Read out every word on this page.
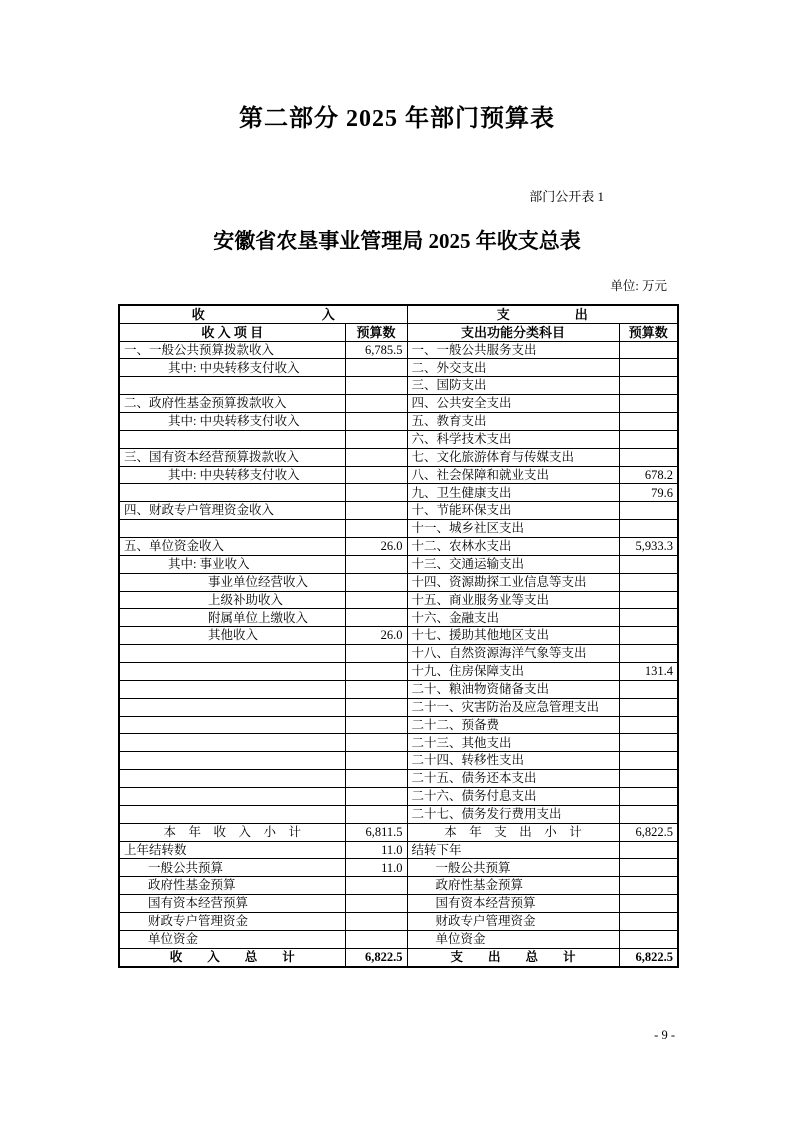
第二部分 2025 年部门预算表
部门公开表 1
安徽省农垦事业管理局 2025 年收支总表
单位: 万元
收　　　　　　　　　入		支　　　　　出	
收 入 项 目	预算数	支出功能分类科目	预算数
一、一般公共预算拨款收入	6,785.5	一、一般公共服务支出	
其中: 中央转移支付收入		二、外交支出	
		三、国防支出	
二、政府性基金预算拨款收入		四、公共安全支出	
其中: 中央转移支付收入		五、教育支出	
		六、科学技术支出	
三、国有资本经营预算拨款收入		七、文化旅游体育与传媒支出	
其中: 中央转移支付收入		八、社会保障和就业支出	678.2
		九、卫生健康支出	79.6
四、财政专户管理资金收入		十、节能环保支出	
		十一、城乡社区支出	
五、单位资金收入	26.0	十二、农林水支出	5,933.3
其中: 事业收入		十三、交通运输支出	
事业单位经营收入		十四、资源勘探工业信息等支出	
上级补助收入		十五、商业服务业等支出	
附属单位上缴收入		十六、金融支出	
其他收入	26.0	十七、援助其他地区支出	
		十八、自然资源海洋气象等支出	
		十九、住房保障支出	131.4
		二十、粮油物资储备支出	
		二十一、灾害防治及应急管理支出	
		二十二、预备费	
		二十三、其他支出	
		二十四、转移性支出	
		二十五、债务还本支出	
		二十六、债务付息支出	
		二十七、债务发行费用支出	
本　年　收　入　小　计	6,811.5	本　年　支　出　小　计	6,822.5
上年结转数	11.0	结转下年	
一般公共预算	11.0	一般公共预算	
政府性基金预算		政府性基金预算	
国有资本经营预算		国有资本经营预算	
财政专户管理资金		财政专户管理资金	
单位资金		单位资金	
收　　入　　总　　计	6,822.5	支　　出　　总　　计	6,822.5
- 9 -
